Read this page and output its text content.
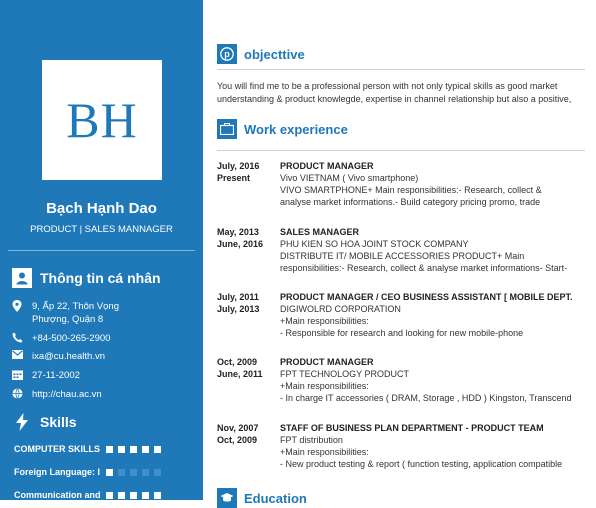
BH
Bạch Hạnh Dao
PRODUCT | SALES MANNAGER
Thông tin cá nhân
9, Ấp 22, Thôn Vọng
Phượng, Quận 8
+84-500-265-2900
ixa@cu.health.vn
27-11-2002
http://chau.ac.vn
Skills
COMPUTER SKILLS
Foreign Language: I
Communication and
p objecttive
You will find me to be a professional person with not only typical skills as good market
understanding & product knowlegde, expertise in channel relationship but also a positive,
Work experience
July, 2016
Present
PRODUCT MANAGER
Vivo VIETNAM ( Vivo smartphone)
VIVO SMARTPHONE+ Main responsibilities:- Research, collect &
analyse market informations.- Build category pricing promo, trade
May, 2013
June, 2016
SALES MANAGER
PHU KIEN SO HOA JOINT STOCK COMPANY
DISTRIBUTE IT/ MOBILE ACCESSORIES PRODUCT+ Main
responsibilities:- Research, collect & analyse market informations- Start-
July, 2011
July, 2013
PRODUCT MANAGER / CEO BUSINESS ASSISTANT [ MOBILE DEPT.
DIGIWOLRD CORPORATION
+Main responsibilities:
- Responsible for research and looking for new mobile-phone
Oct, 2009
June, 2011
PRODUCT MANAGER
FPT TECHNOLOGY PRODUCT
+Main responsibilities:
- In charge IT accessories ( DRAM, Storage , HDD ) Kingston, Transcend
Nov, 2007
Oct, 2009
STAFF OF BUSINESS PLAN DEPARTMENT - PRODUCT TEAM
FPT distribution
+Main responsibilities:
- New product testing & report ( function testing, application compatible
Education
